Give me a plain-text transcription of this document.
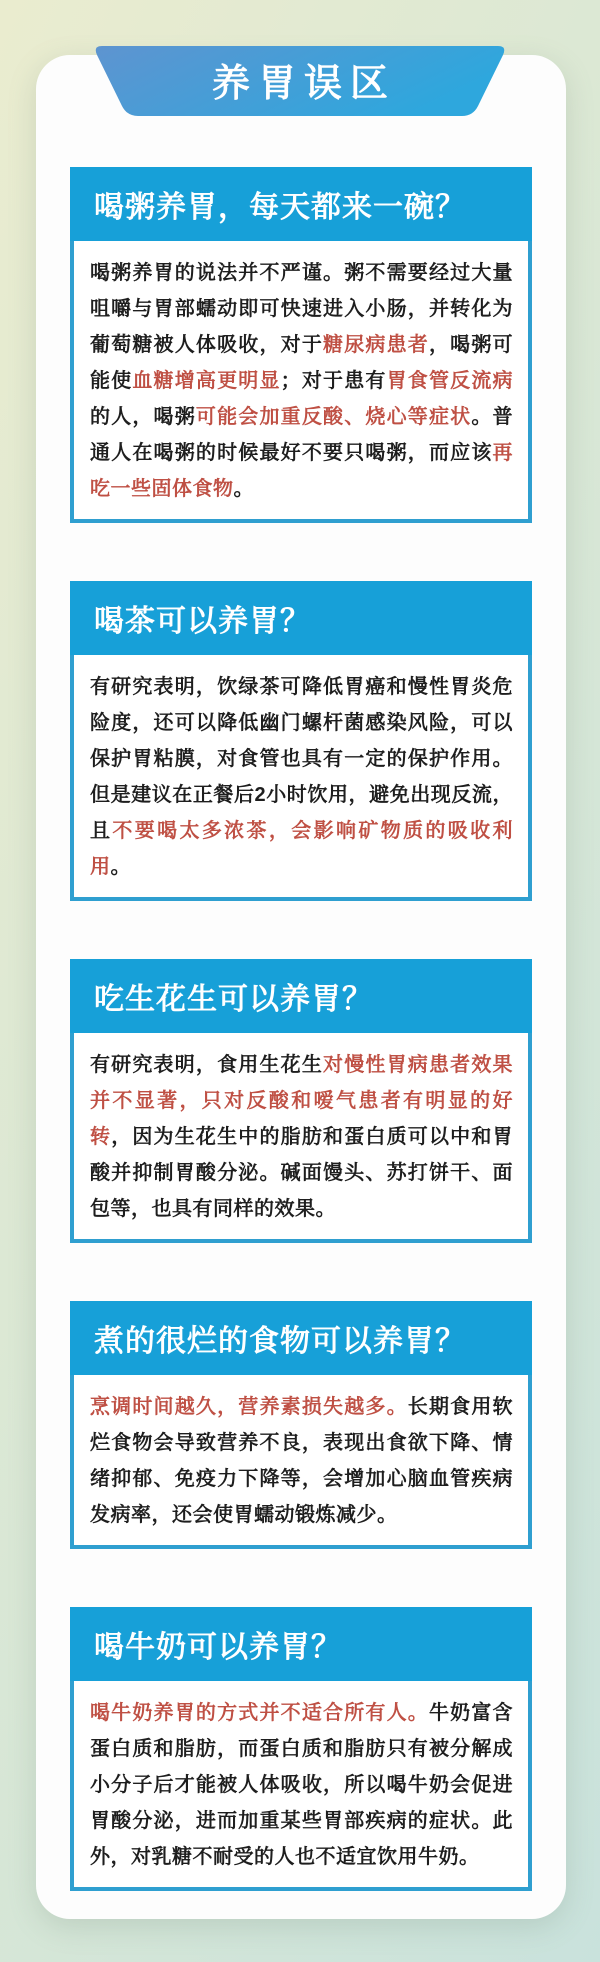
喝粥养胃，每天都来一碗？
喝粥养胃的说法并不严谨。粥不需要经过大量咀嚼与胃部蠕动即可快速进入小肠，并转化为葡萄糖被人体吸收，对于糖尿病患者，喝粥可能使血糖增高更明显；对于患有胃食管反流病的人，喝粥可能会加重反酸、烧心等症状。普通人在喝粥的时候最好不要只喝粥，而应该再吃一些固体食物。
喝茶可以养胃？
有研究表明，饮绿茶可降低胃癌和慢性胃炎危险度，还可以降低幽门螺杆菌感染风险，可以保护胃粘膜，对食管也具有一定的保护作用。但是建议在正餐后2小时饮用，避免出现反流，且不要喝太多浓茶，会影响矿物质的吸收利用。
吃生花生可以养胃？
有研究表明，食用生花生对慢性胃病患者效果并不显著，只对反酸和嗳气患者有明显的好转，因为生花生中的脂肪和蛋白质可以中和胃酸并抑制胃酸分泌。碱面馒头、苏打饼干、面包等，也具有同样的效果。
煮的很烂的食物可以养胃？
烹调时间越久，营养素损失越多。长期食用软烂食物会导致营养不良，表现出食欲下降、情绪抑郁、免疫力下降等，会增加心脑血管疾病发病率，还会使胃蠕动锻炼减少。
喝牛奶可以养胃？
喝牛奶养胃的方式并不适合所有人。牛奶富含蛋白质和脂肪，而蛋白质和脂肪只有被分解成小分子后才能被人体吸收，所以喝牛奶会促进胃酸分泌，进而加重某些胃部疾病的症状。此外，对乳糖不耐受的人也不适宜饮用牛奶。
养胃误区
